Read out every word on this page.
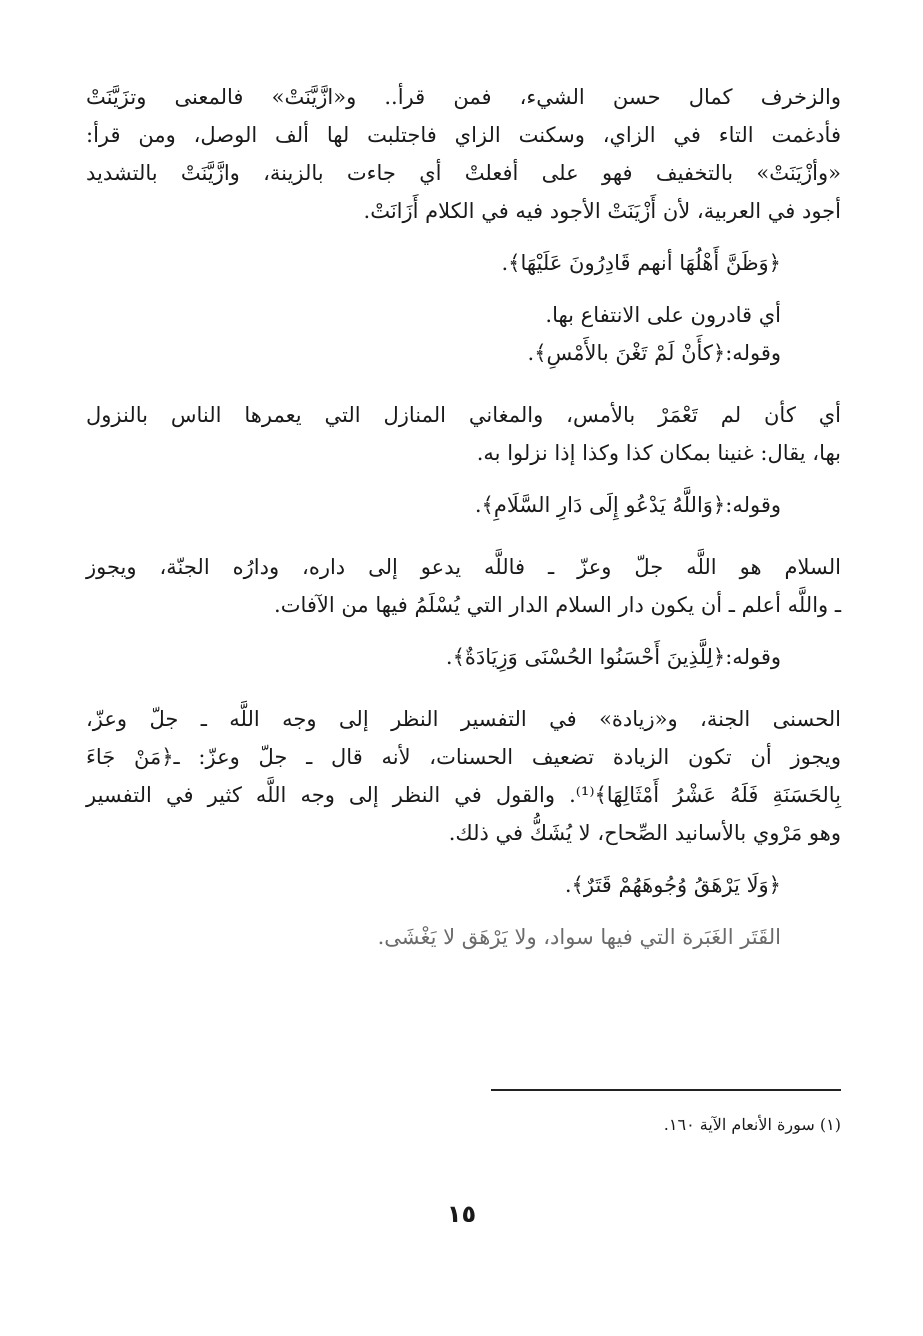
والزخرف كمال حسن الشيء، فمن قرأ.. و«ازَّيَّنَتْ» فالمعنى وتزَيَّنَتْ

فأدغمت التاء في الزاي، وسكنت الزاي فاجتلبت لها ألف الوصل، ومن قرأ:

«وأزْيَنَتْ» بالتخفيف فهو على أفعلتْ أي جاءت بالزينة، وازَّيَّنَتْ بالتشديد

أجود في العربية، لأن أَزْيَنَتْ الأجود فيه في الكلام أَزَانَتْ.

﴿وَظَنَّ أَهْلُهَا أنهم قَادِرُونَ عَلَيْهَا﴾.

أي قادرون على الانتفاع بها.

وقوله:﴿كأَنْ لَمْ تَغْنَ بالأَمْسِ﴾.

أي كأن لم تَعْمَرْ بالأمس، والمغاني المنازل التي يعمرها الناس بالنزول

بها، يقال: غنينا بمكان كذا وكذا إذا نزلوا به.

وقوله:﴿وَاللَّهُ يَدْعُو إِلَى دَارِ السَّلَامِ﴾.

السلام هو اللَّه جلّ وعزّ ـ فاللَّه يدعو إلى داره، ودارُه الجنّة، ويجوز

ـ واللَّه أعلم ـ أن يكون دار السلام الدار التي يُسْلَمُ فيها من الآفات.

وقوله:﴿لِلَّذِينَ أَحْسَنُوا الحُسْنَى وَزِيَادَةٌ﴾.

الحسنى الجنة، و«زيادة» في التفسير النظر إلى وجه اللَّه ـ جلّ وعزّ،

ويجوز أن تكون الزيادة تضعيف الحسنات، لأنه قال ـ جلّ وعزّ: ـ﴿مَنْ جَاءَ

بِالحَسَنَةِ فَلَهُ عَشْرُ أَمْثَالِهَا﴾⁽¹⁾. والقول في النظر إلى وجه اللَّه كثير في التفسير

وهو مَرْوي بالأسانيد الصِّحاح، لا يُشَكُّ في ذلك.

﴿وَلَا يَرْهَقُ وُجُوهَهُمْ قَتَرٌ﴾.

القَتَر الغَبَرة التي فيها سواد، ولا يَرْهَق لا يَغْشَى.

(١) سورة الأنعام الآية ١٦٠.
١٥
